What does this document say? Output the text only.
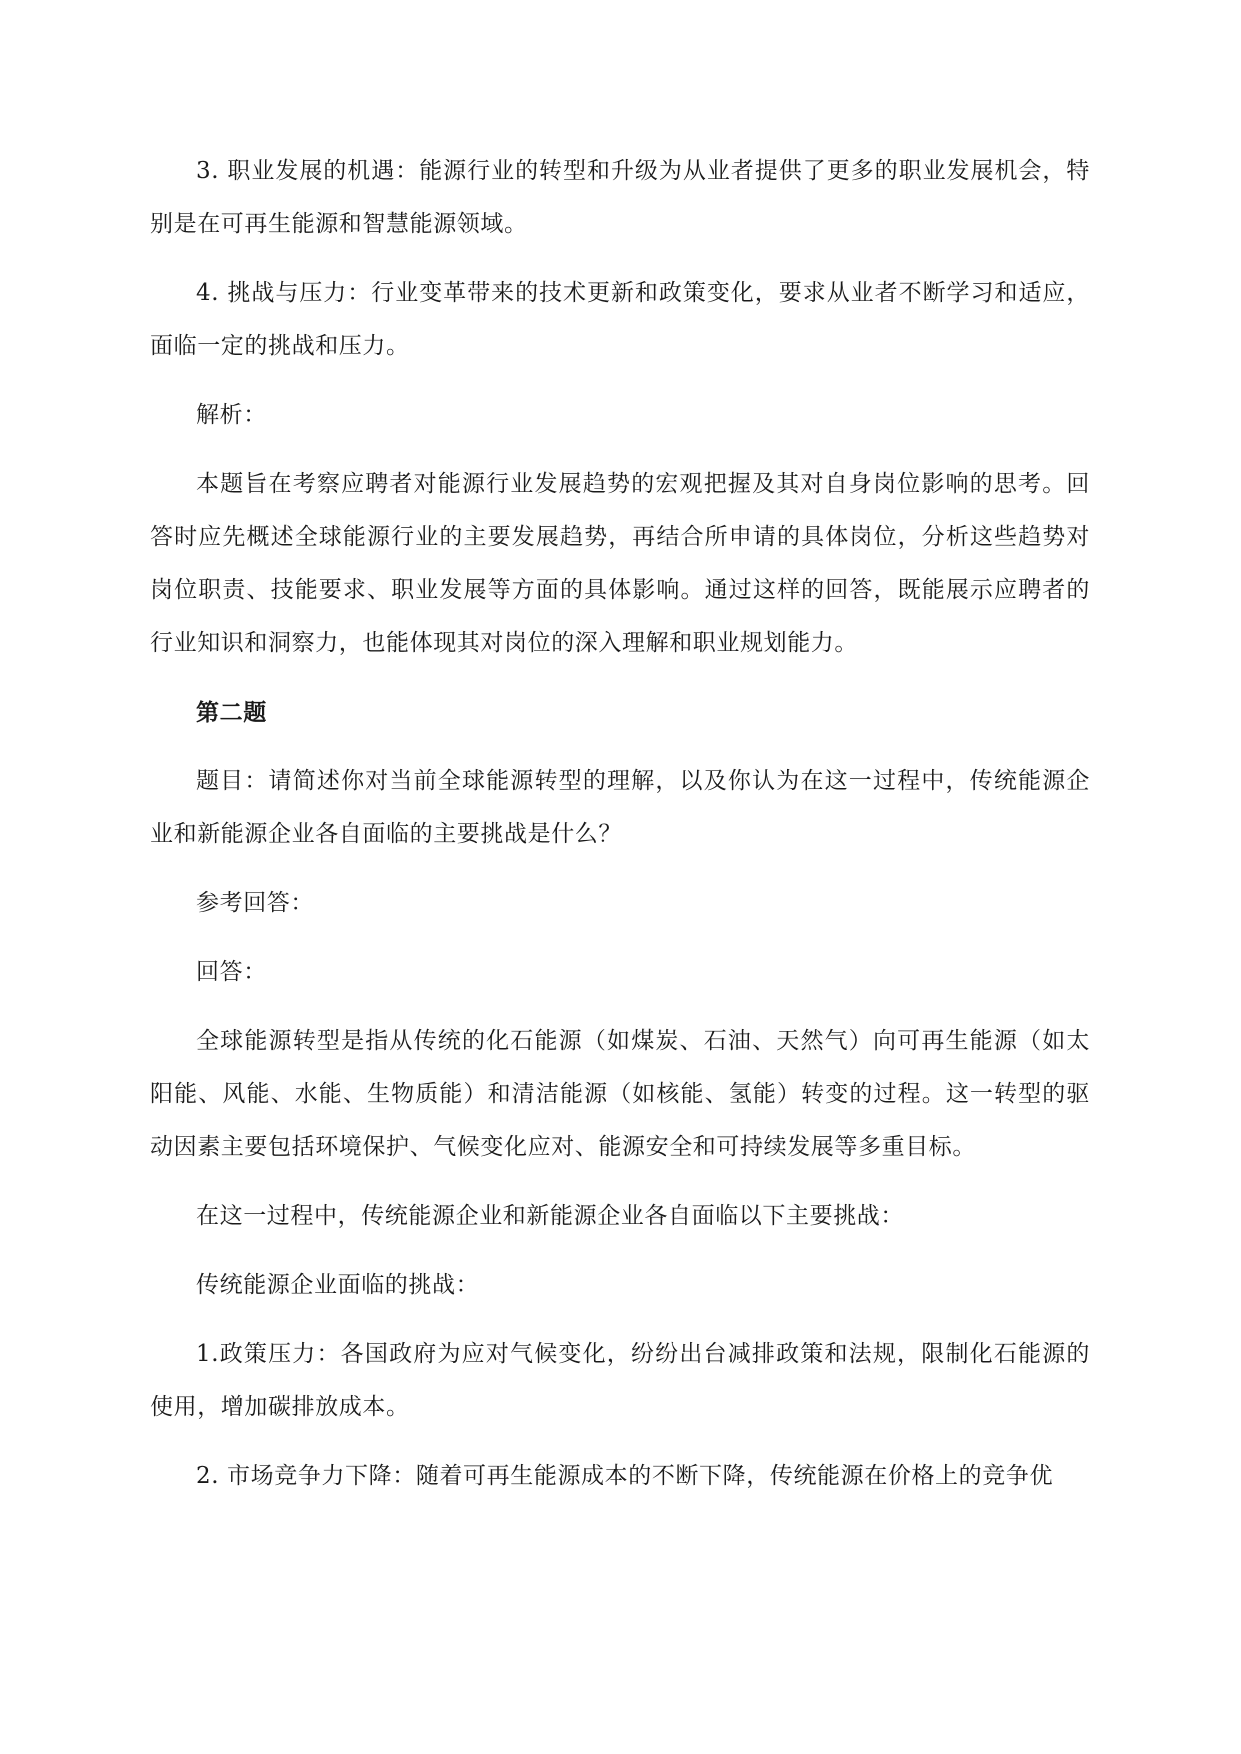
3. 职业发展的机遇：能源行业的转型和升级为从业者提供了更多的职业发展机会，特别是在可再生能源和智慧能源领域。

4. 挑战与压力：行业变革带来的技术更新和政策变化，要求从业者不断学习和适应，面临一定的挑战和压力。

解析：

本题旨在考察应聘者对能源行业发展趋势的宏观把握及其对自身岗位影响的思考。回答时应先概述全球能源行业的主要发展趋势，再结合所申请的具体岗位，分析这些趋势对岗位职责、技能要求、职业发展等方面的具体影响。通过这样的回答，既能展示应聘者的行业知识和洞察力，也能体现其对岗位的深入理解和职业规划能力。

第二题

题目：请简述你对当前全球能源转型的理解，以及你认为在这一过程中，传统能源企业和新能源企业各自面临的主要挑战是什么？

参考回答：

回答：

全球能源转型是指从传统的化石能源（如煤炭、石油、天然气）向可再生能源（如太阳能、风能、水能、生物质能）和清洁能源（如核能、氢能）转变的过程。这一转型的驱动因素主要包括环境保护、气候变化应对、能源安全和可持续发展等多重目标。

在这一过程中，传统能源企业和新能源企业各自面临以下主要挑战：

传统能源企业面临的挑战：

1.政策压力：各国政府为应对气候变化，纷纷出台减排政策和法规，限制化石能源的使用，增加碳排放成本。

2. 市场竞争力下降：随着可再生能源成本的不断下降，传统能源在价格上的竞争优
